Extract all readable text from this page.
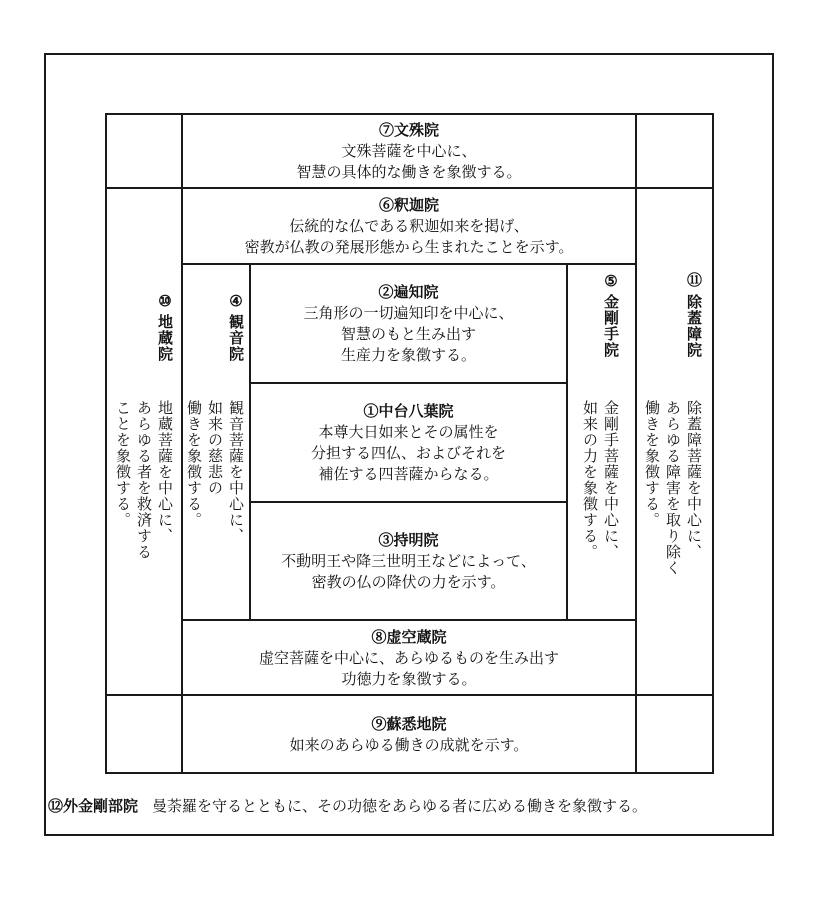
⑦文殊院
文殊菩薩を中心に、
智慧の具体的な働きを象徴する。
⑥釈迦院
伝統的な仏である釈迦如来を掲げ、
密教が仏教の発展形態から生まれたことを示す。
②遍知院
三角形の一切遍知印を中心に、
智慧のもと生み出す
生産力を象徴する。
①中台八葉院
本尊大日如来とその属性を
分担する四仏、およびそれを
補佐する四菩薩からなる。
③持明院
不動明王や降三世明王などによって、
密教の仏の降伏の力を示す。
⑧虚空蔵院
虚空菩薩を中心に、あらゆるものを生み出す
功徳力を象徴する。
⑨蘇悉地院
如来のあらゆる働きの成就を示す。
⑩
地蔵院
地蔵菩薩を中心に、
あらゆる者を救済する
ことを象徴する。
④
観音院
観音菩薩を中心に、
如来の慈悲の
働きを象徴する。
⑤
金剛手院
金剛手菩薩を中心に、
如来の力を象徴する。
⑪
除蓋障院
除蓋障菩薩を中心に、
あらゆる障害を取り除く
働きを象徴する。
⑫外金剛部院 曼荼羅を守るとともに、その功徳をあらゆる者に広める働きを象徴する。
